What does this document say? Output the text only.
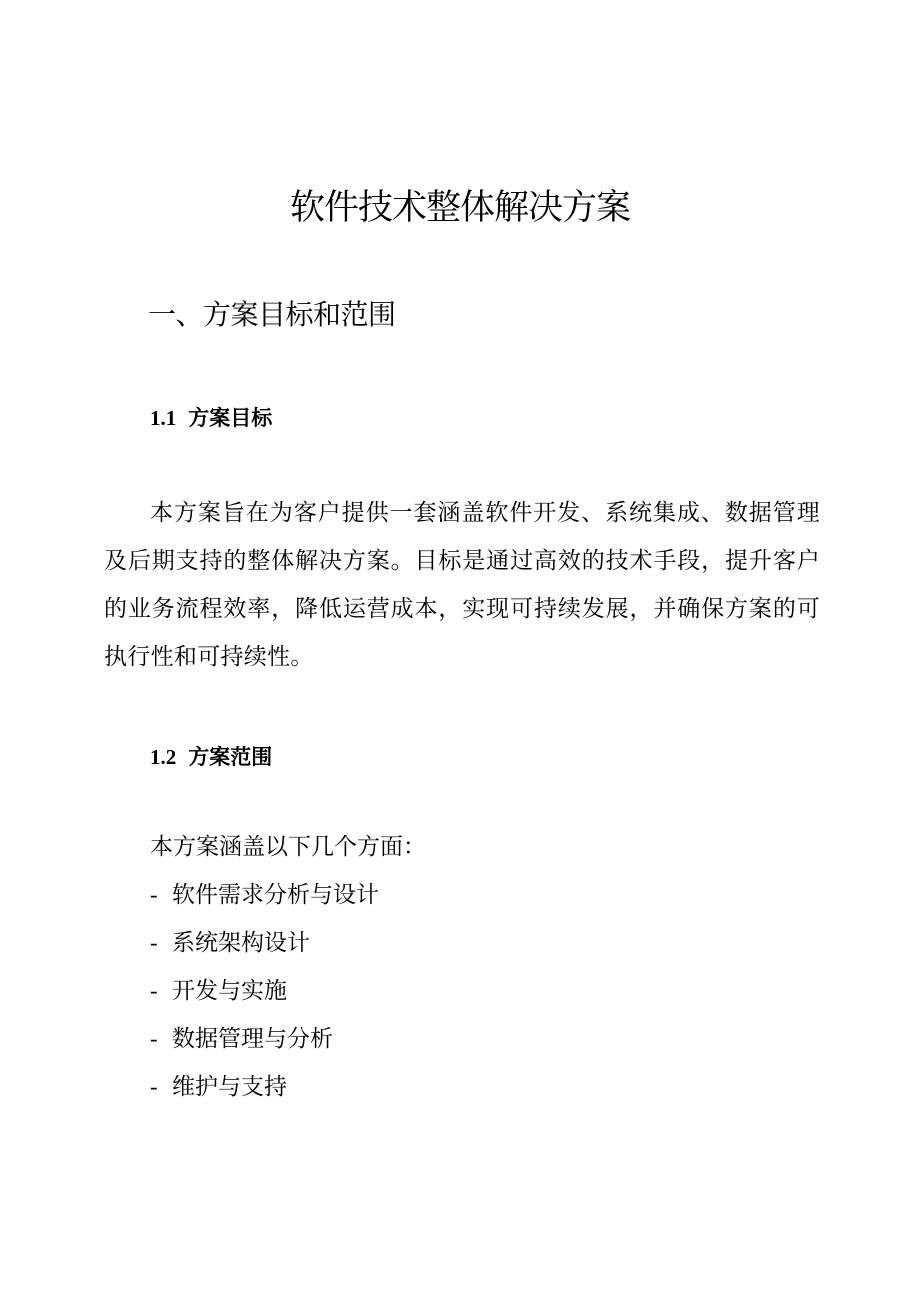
软件技术整体解决方案
一、方案目标和范围
1.1 方案目标

本方案旨在为客户提供一套涵盖软件开发、系统集成、数据管理及后期支持的整体解决方案。目标是通过高效的技术手段，提升客户的业务流程效率，降低运营成本，实现可持续发展，并确保方案的可执行性和可持续性。

1.2 方案范围

本方案涵盖以下几个方面：

- 软件需求分析与设计
- 系统架构设计
- 开发与实施
- 数据管理与分析
- 维护与支持
